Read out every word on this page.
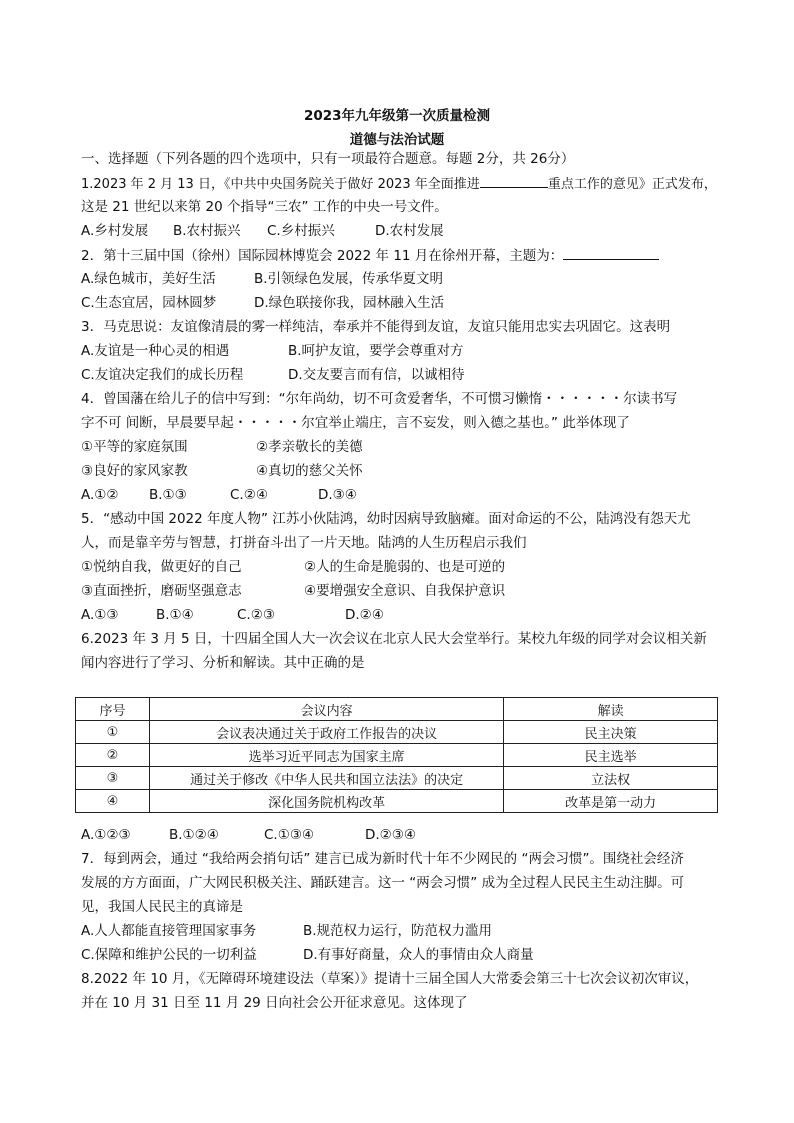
2023年九年级第一次质量检测
道德与法治试题
一、选择题（下列各题的四个选项中，只有一项最符合题意。每题 2分，共 26分）
1.2023 年 2 月 13 日，《中共中央国务院关于做好 2023 年全面推进	重点工作的意见》正式发布，
这是 21 世纪以来第 20 个指导“三农” 工作的中央一号文件。
A.乡村发展 B.农村振兴 C.乡村振兴	D.农村发展
2．第十三届中国（徐州）国际园林博览会 2022 年 11 月在徐州开幕，主题为：
A.绿色城市，美好生活	B.引领绿色发展，传承华夏文明
C.生态宜居，园林圆梦	D.绿色联接你我，园林融入生活
3．马克思说：友谊像清晨的雾一样纯洁，奉承并不能得到友谊，友谊只能用忠实去巩固它。这表明
A.友谊是一种心灵的相遇	B.呵护友谊，要学会尊重对方
C.友谊决定我们的成长历程	D.交友要言而有信，以诚相待
4．曾国藩在给儿子的信中写到：“尔年尚幼，切不可贪爱奢华，不可惯习懒惰・・・・・・尔读书写
字不可 间断，早晨要早起・・・・・尔宜举止端庄，言不妄发，则入德之基也。” 此举体现了
①平等的家庭氛围	②孝亲敬长的美德
③良好的家风家教	④真切的慈父关怀
A.①② B.①③	C.②④	D.③④
5．“感动中国 2022 年度人物” 江苏小伙陆鸿，幼时因病导致脑瘫。面对命运的不公，陆鸿没有怨天尤
人，而是靠辛劳与智慧，打拼奋斗出了一片天地。陆鸿的人生历程启示我们
①悦纳自我，做更好的自己	②人的生命是脆弱的、也是可逆的
③直面挫折，磨砺坚强意志	④要增强安全意识、自我保护意识
A.①③	B.①④	C.②③	D.②④
6.2023 年 3 月 5 日，十四届全国人大一次会议在北京人民大会堂举行。某校九年级的同学对会议相关新
闻内容进行了学习、分析和解读。其中正确的是
序号	会议内容	解读
①	会议表决通过关于政府工作报告的决议	民主决策
②	选举习近平同志为国家主席	民主选举
③	通过关于修改《中华人民共和国立法法》的决定	立法权
④	深化国务院机构改革	改革是第一动力
A.①②③	B.①②④	C.①③④	D.②③④
7．每到两会，通过 “我给两会捎句话” 建言已成为新时代十年不少网民的 “两会习惯”。围绕社会经济
发展的方方面面，广大网民积极关注、踊跃建言。这一 “两会习惯” 成为全过程人民民主生动注脚。可
见，我国人民民主的真谛是
A.人人都能直接管理国家事务	B.规范权力运行，防范权力滥用
C.保障和维护公民的一切利益	D.有事好商量，众人的事情由众人商量
8.2022 年 10 月，《无障碍环境建设法（草案）》提请十三届全国人大常委会第三十七次会议初次审议，
并在 10 月 31 日至 11 月 29 日向社会公开征求意见。这体现了
